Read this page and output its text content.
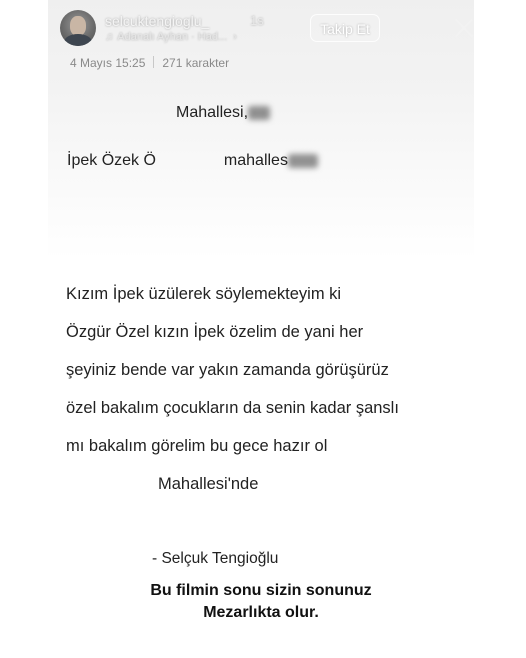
selcuktengioglu_	1s
♫ Adanalı Ayhan · Had... ›	Takip Et	···
4 Mayıs 15:25 271 karakter
Mahallesi,
İpek Özek Ö	mahalles
Kızım İpek üzülerek söylemekteyim ki
Özgür Özel kızın İpek özelim de yani her
şeyiniz bende var yakın zamanda görüşürüz
özel bakalım çocukların da senin kadar şanslı
mı bakalım görelim bu gece hazır ol
Mahallesi'nde
- Selçuk Tengioğlu
Bu filmin sonu sizin sonunuz
Mezarlıkta olur.
